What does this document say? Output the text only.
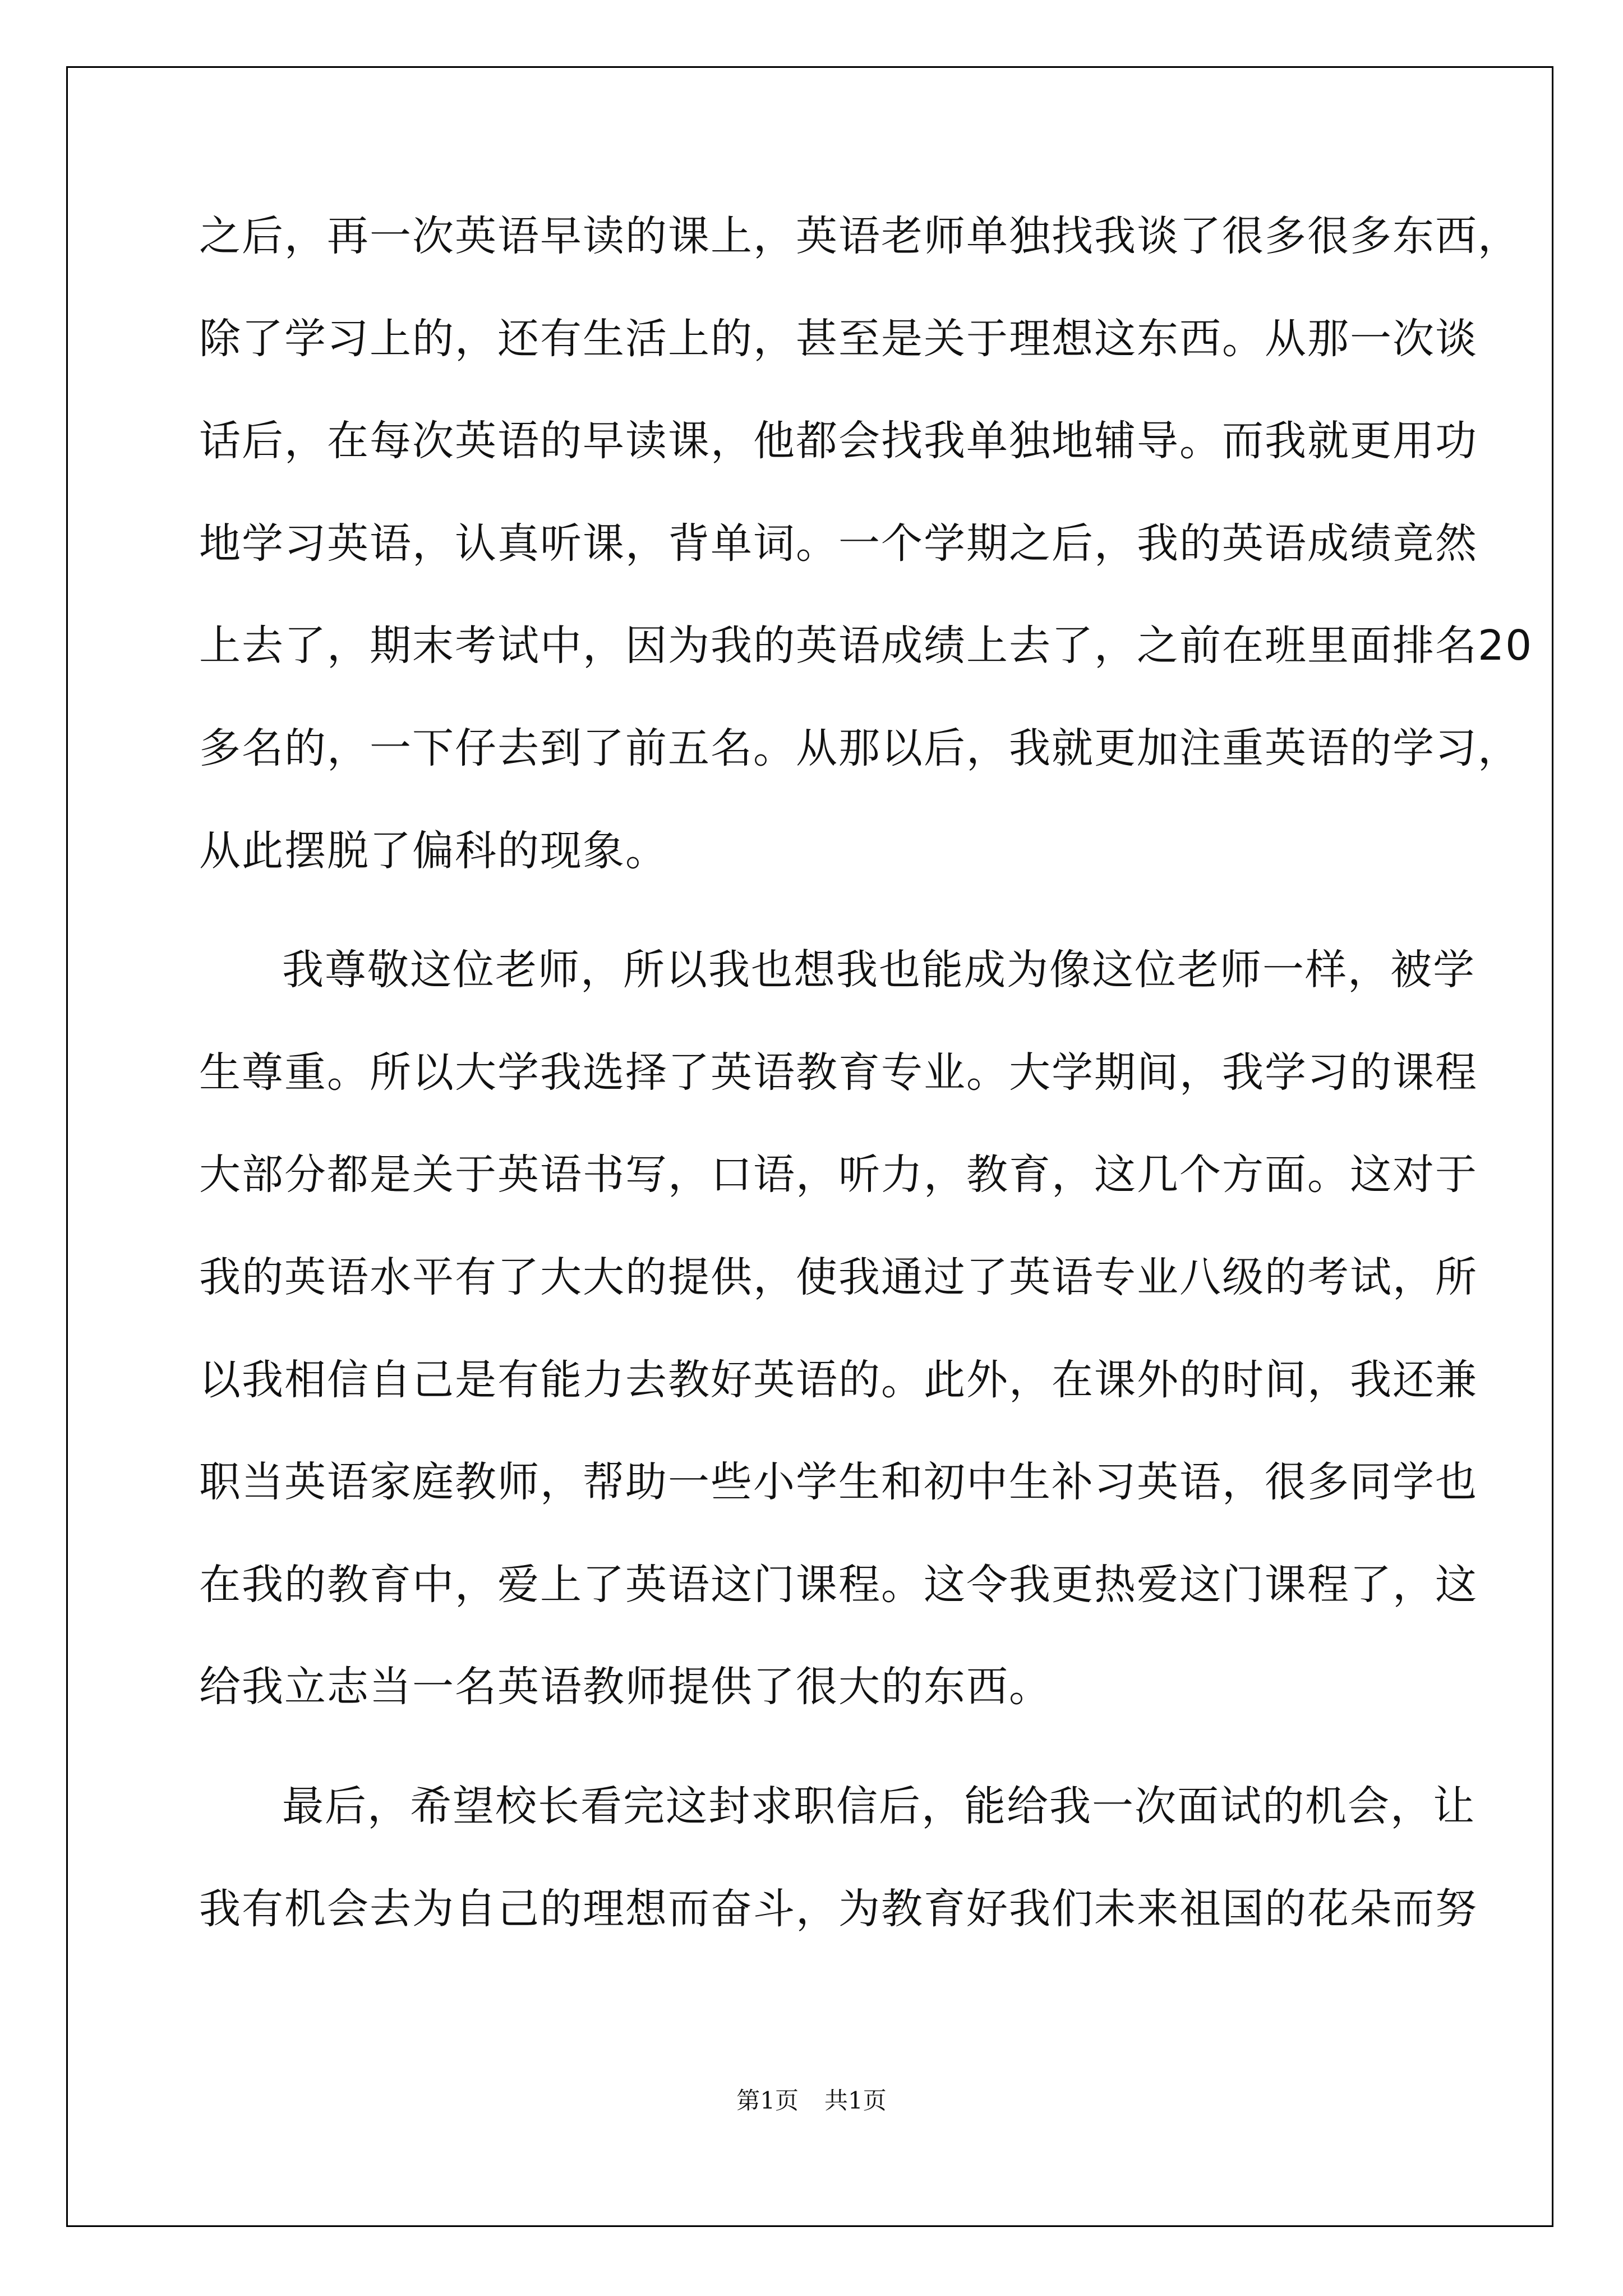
之后，再一次英语早读的课上，英语老师单独找我谈了很多很多东西，
除了学习上的，还有生活上的，甚至是关于理想这东西。从那一次谈
话后，在每次英语的早读课，他都会找我单独地辅导。而我就更用功
地学习英语，认真听课，背单词。一个学期之后，我的英语成绩竟然
上去了，期末考试中，因为我的英语成绩上去了，之前在班里面排名20
多名的，一下仔去到了前五名。从那以后，我就更加注重英语的学习，
从此摆脱了偏科的现象。

我尊敬这位老师，所以我也想我也能成为像这位老师一样，被学
生尊重。所以大学我选择了英语教育专业。大学期间，我学习的课程
大部分都是关于英语书写，口语，听力，教育，这几个方面。这对于
我的英语水平有了大大的提供，使我通过了英语专业八级的考试，所
以我相信自己是有能力去教好英语的。此外，在课外的时间，我还兼
职当英语家庭教师，帮助一些小学生和初中生补习英语，很多同学也
在我的教育中，爱上了英语这门课程。这令我更热爱这门课程了，这
给我立志当一名英语教师提供了很大的东西。

最后，希望校长看完这封求职信后，能给我一次面试的机会，让
我有机会去为自己的理想而奋斗，为教育好我们未来祖国的花朵而努

第1页 共1页
